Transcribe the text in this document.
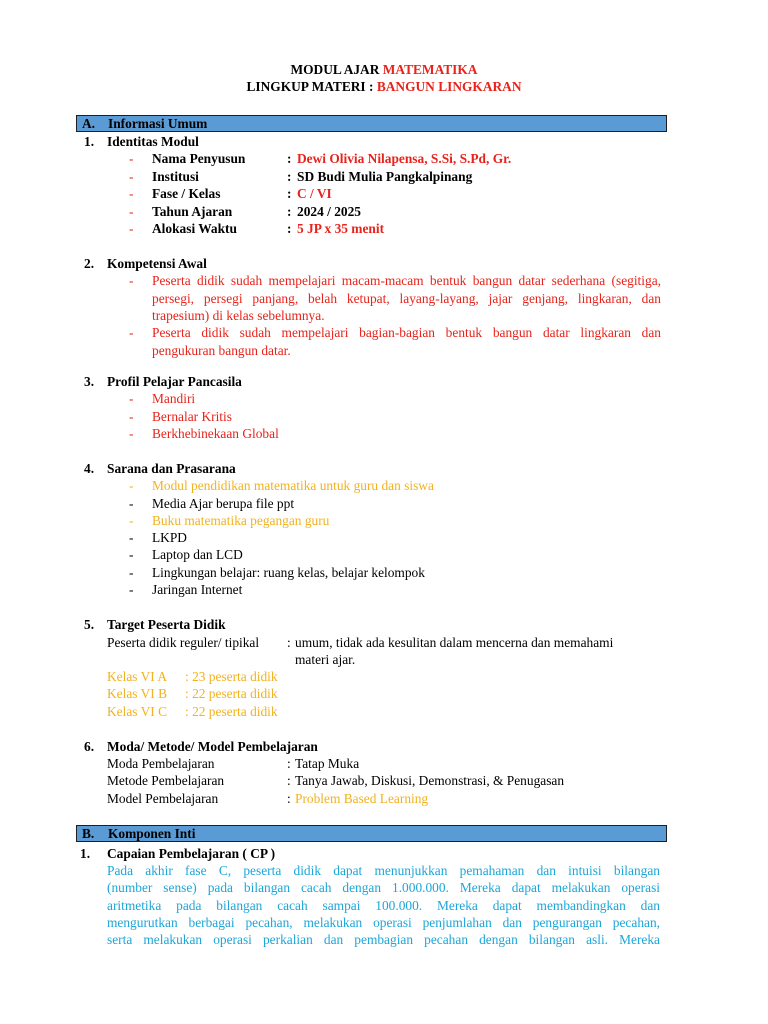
MODUL AJAR MATEMATIKA
LINGKUP MATERI : BANGUN LINGKARAN
A. Informasi Umum
1. Identitas Modul
- Nama Penyusun	: Dewi Olivia Nilapensa, S.Si, S.Pd, Gr.
- Institusi	: SD Budi Mulia Pangkalpinang
- Fase / Kelas	: C / VI
- Tahun Ajaran	: 2024 / 2025
- Alokasi Waktu	: 5 JP x 35 menit
2. Kompetensi Awal
- Peserta didik sudah mempelajari macam-macam bentuk bangun datar sederhana (segitiga, persegi, persegi panjang, belah ketupat, layang-layang, jajar genjang, lingkaran, dan trapesium) di kelas sebelumnya.
- Peserta didik sudah mempelajari bagian-bagian bentuk bangun datar lingkaran dan pengukuran bangun datar.
3. Profil Pelajar Pancasila
- Mandiri
- Bernalar Kritis
- Berkhebinekaan Global
4. Sarana dan Prasarana
- Modul pendidikan matematika untuk guru dan siswa
- Media Ajar berupa file ppt
- Buku matematika pegangan guru
- LKPD
- Laptop dan LCD
- Lingkungan belajar: ruang kelas, belajar kelompok
- Jaringan Internet
5. Target Peserta Didik
Peserta didik reguler/ tipikal : umum, tidak ada kesulitan dalam mencerna dan memahami
materi ajar.
Kelas VI A : 23 peserta didik
Kelas VI B : 22 peserta didik
Kelas VI C : 22 peserta didik
6. Moda/ Metode/ Model Pembelajaran
Moda Pembelajaran	: Tatap Muka
Metode Pembelajaran	: Tanya Jawab, Diskusi, Demonstrasi, & Penugasan
Model Pembelajaran	: Problem Based Learning
B. Komponen Inti
1. Capaian Pembelajaran ( CP )
Pada akhir fase C, peserta didik dapat menunjukkan pemahaman dan intuisi bilangan
(number sense) pada bilangan cacah dengan 1.000.000. Mereka dapat melakukan operasi
aritmetika pada bilangan cacah sampai 100.000. Mereka dapat membandingkan dan
mengurutkan berbagai pecahan, melakukan operasi penjumlahan dan pengurangan pecahan,
serta melakukan operasi perkalian dan pembagian pecahan dengan bilangan asli. Mereka
